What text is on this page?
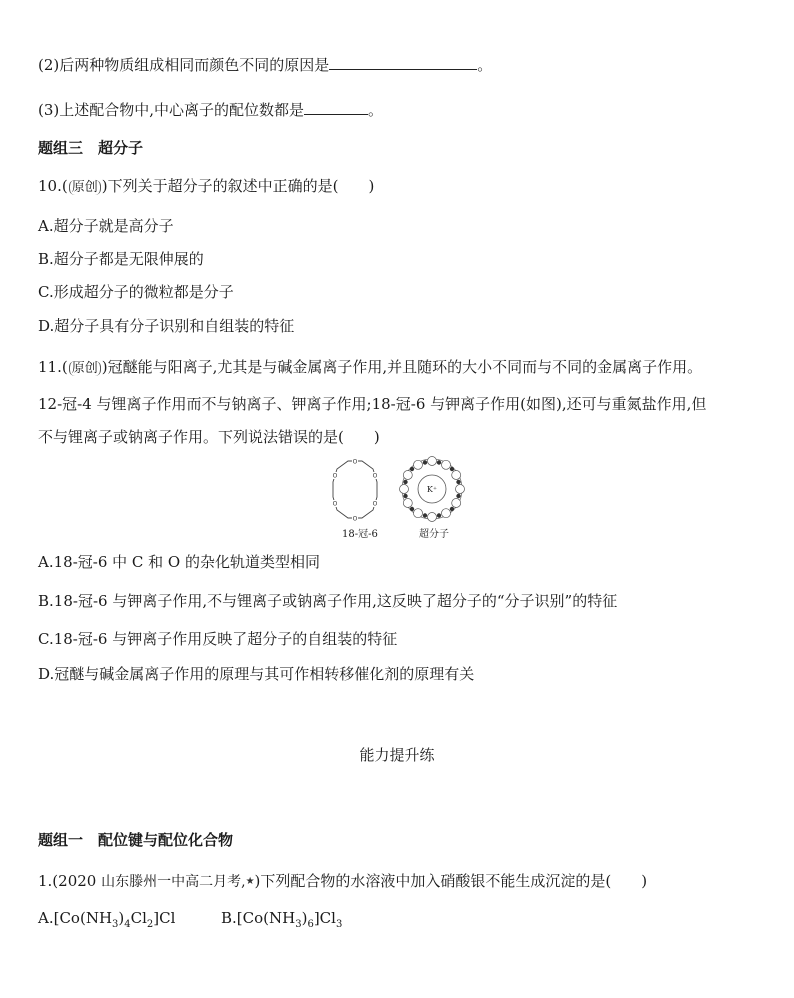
(2)后两种物质组成相同而颜色不同的原因是	。
(3)上述配合物中,中心离子的配位数都是	。
题组三　超分子
10.( 原创 )下列关于超分子的叙述中正确的是(　　)
A.超分子就是高分子
B.超分子都是无限伸展的
C.形成超分子的微粒都是分子
D.超分子具有分子识别和自组装的特征
11.( 原创 )冠醚能与阳离子,尤其是与碱金属离子作用,并且随环的大小不同而与不同的金属离子作用。
12-冠-4 与锂离子作用而不与钠离子、钾离子作用;18-冠-6 与钾离子作用(如图),还可与重氮盐作用,但
不与锂离子或钠离子作用。下列说法错误的是(　　)
O
O
O
O
O
O
K⁺
18-冠-6	超分子
A.18-冠-6 中 C 和 O 的杂化轨道类型相同
B.18-冠-6 与钾离子作用,不与锂离子或钠离子作用,这反映了超分子的“分子识别”的特征
C.18-冠-6 与钾离子作用反映了超分子的自组装的特征
D.冠醚与碱金属离子作用的原理与其可作相转移催化剂的原理有关
能力提升练
题组一　配位键与配位化合物
1.(2020 山东滕州一中高二月考,★)下列配合物的水溶液中加入硝酸银不能生成沉淀的是(　　)
$A.[Co(NH_3)_4Cl_2]Cl$	$B.[Co(NH_3)_6]Cl_3$
